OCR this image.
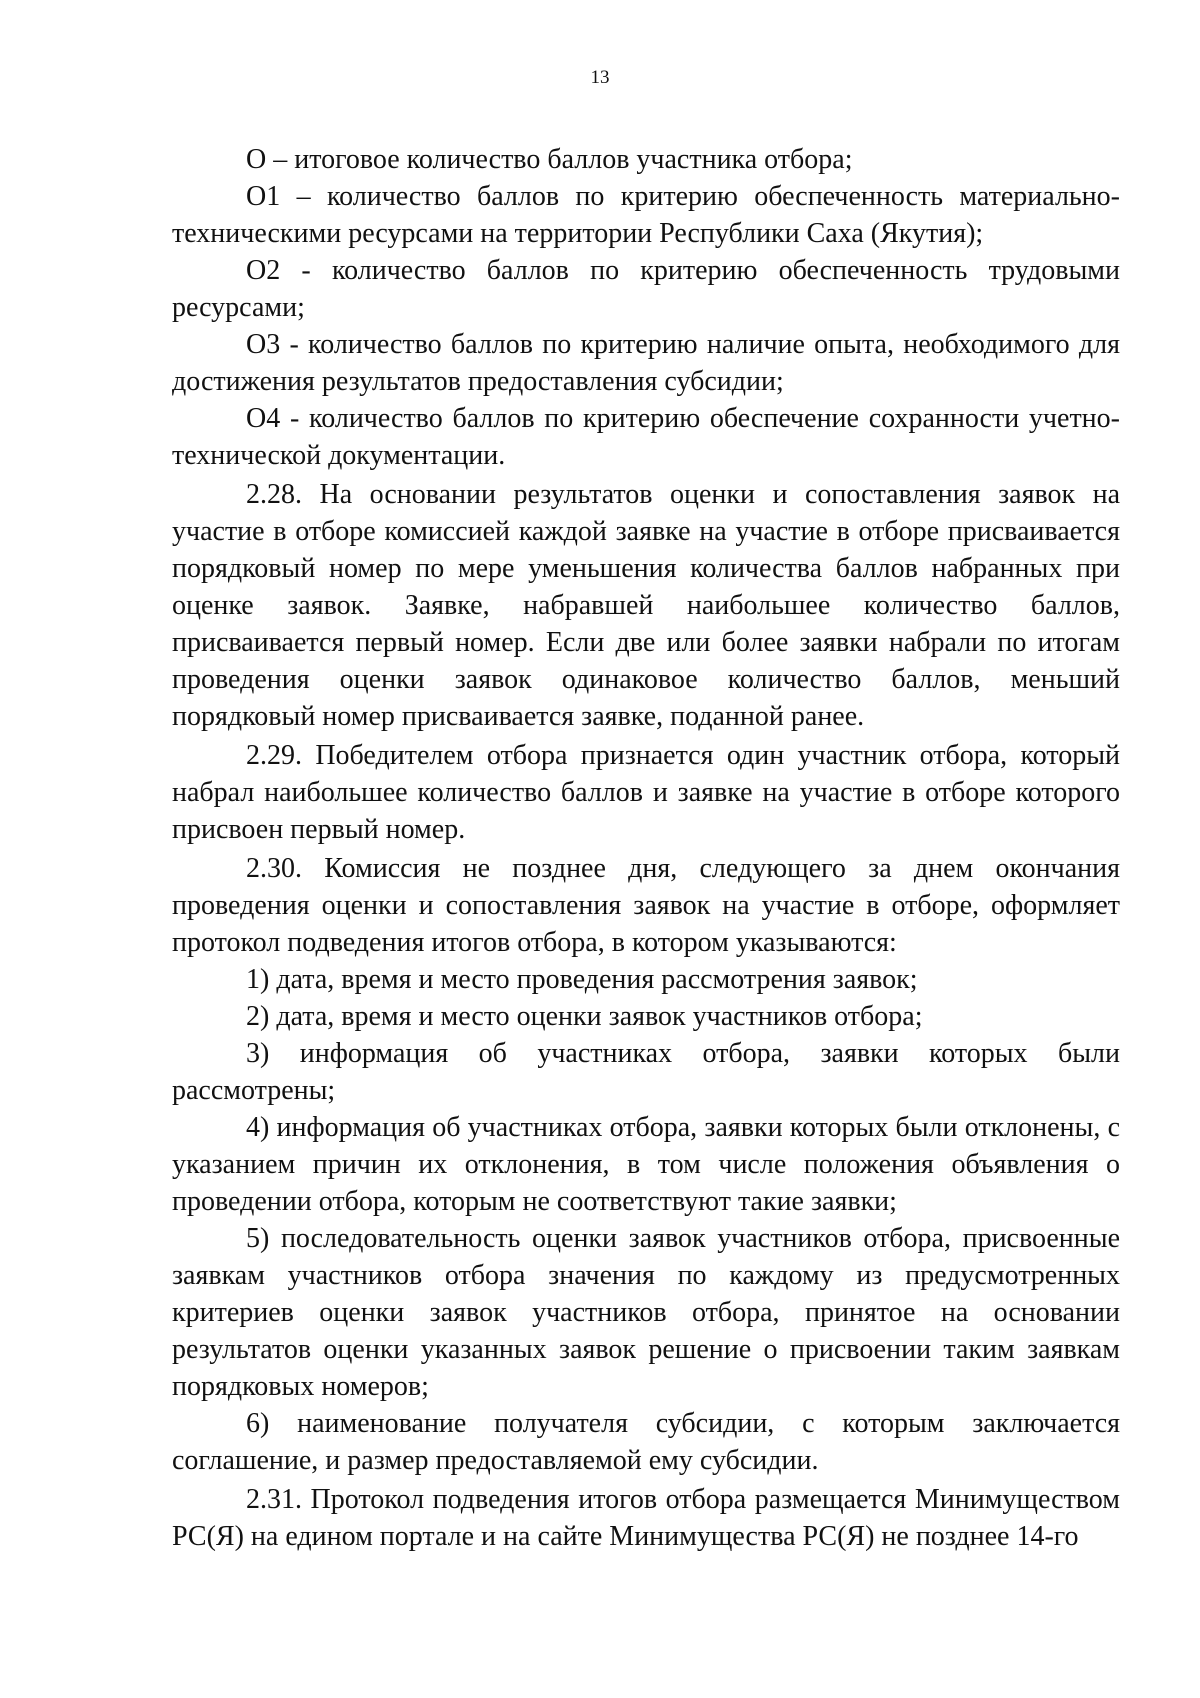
13

О – итоговое количество баллов участника отбора;

О1 – количество баллов по критерию обеспеченность материально-техническими ресурсами на территории Республики Саха (Якутия);

О2 - количество баллов по критерию обеспеченность трудовыми ресурсами;

О3 - количество баллов по критерию наличие опыта, необходимого для достижения результатов предоставления субсидии;

О4 - количество баллов по критерию обеспечение сохранности учетно-технической документации.

2.28. На основании результатов оценки и сопоставления заявок на участие в отборе комиссией каждой заявке на участие в отборе присваивается порядковый номер по мере уменьшения количества баллов набранных при оценке заявок. Заявке, набравшей наибольшее количество баллов, присваивается первый номер. Если две или более заявки набрали по итогам проведения оценки заявок одинаковое количество баллов, меньший порядковый номер присваивается заявке, поданной ранее.

2.29. Победителем отбора признается один участник отбора, который набрал наибольшее количество баллов и заявке на участие в отборе которого присвоен первый номер.

2.30. Комиссия не позднее дня, следующего за днем окончания проведения оценки и сопоставления заявок на участие в отборе, оформляет протокол подведения итогов отбора, в котором указываются:

1) дата, время и место проведения рассмотрения заявок;

2) дата, время и место оценки заявок участников отбора;

3) информация об участниках отбора, заявки которых были рассмотрены;

4) информация об участниках отбора, заявки которых были отклонены, с указанием причин их отклонения, в том числе положения объявления о проведении отбора, которым не соответствуют такие заявки;

5) последовательность оценки заявок участников отбора, присвоенные заявкам участников отбора значения по каждому из предусмотренных критериев оценки заявок участников отбора, принятое на основании результатов оценки указанных заявок решение о присвоении таким заявкам порядковых номеров;

6) наименование получателя субсидии, с которым заключается соглашение, и размер предоставляемой ему субсидии.

2.31. Протокол подведения итогов отбора размещается Минимуществом РС(Я) на едином портале и на сайте Минимущества РС(Я) не позднее 14-го
